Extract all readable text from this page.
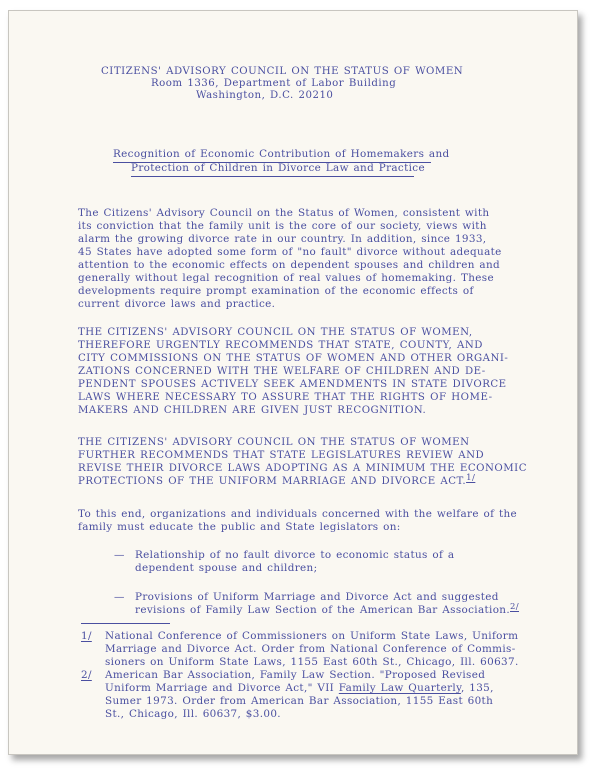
CITIZENS' ADVISORY COUNCIL ON THE STATUS OF WOMEN
Room 1336, Department of Labor Building
Washington, D.C. 20210
Recognition of Economic Contribution of Homemakers and
Protection of Children in Divorce Law and Practice
The Citizens' Advisory Council on the Status of Women, consistent with
its conviction that the family unit is the core of our society, views with
alarm the growing divorce rate in our country. In addition, since 1933,
45 States have adopted some form of "no fault" divorce without adequate
attention to the economic effects on dependent spouses and children and
generally without legal recognition of real values of homemaking. These
developments require prompt examination of the economic effects of
current divorce laws and practice.
THE CITIZENS' ADVISORY COUNCIL ON THE STATUS OF WOMEN,
THEREFORE URGENTLY RECOMMENDS THAT STATE, COUNTY, AND
CITY COMMISSIONS ON THE STATUS OF WOMEN AND OTHER ORGANI-
ZATIONS CONCERNED WITH THE WELFARE OF CHILDREN AND DE-
PENDENT SPOUSES ACTIVELY SEEK AMENDMENTS IN STATE DIVORCE
LAWS WHERE NECESSARY TO ASSURE THAT THE RIGHTS OF HOME-
MAKERS AND CHILDREN ARE GIVEN JUST RECOGNITION.
THE CITIZENS' ADVISORY COUNCIL ON THE STATUS OF WOMEN
FURTHER RECOMMENDS THAT STATE LEGISLATURES REVIEW AND
REVISE THEIR DIVORCE LAWS ADOPTING AS A MINIMUM THE ECONOMIC
PROTECTIONS OF THE UNIFORM MARRIAGE AND DIVORCE ACT.$^{1/}$
To this end, organizations and individuals concerned with the welfare of the
family must educate the public and State legislators on:
— Relationship of no fault divorce to economic status of a
dependent spouse and children;
— Provisions of Uniform Marriage and Divorce Act and suggested
revisions of Family Law Section of the American Bar Association.$^{2/}$
1/ National Conference of Commissioners on Uniform State Laws, Uniform
Marriage and Divorce Act. Order from National Conference of Commis-
sioners on Uniform State Laws, 1155 East 60th St., Chicago, Ill. 60637.
2/ American Bar Association, Family Law Section. "Proposed Revised
Uniform Marriage and Divorce Act," VII Family Law Quarterly, 135,
Sumer 1973. Order from American Bar Association, 1155 East 60th
St., Chicago, Ill. 60637, $3.00.
